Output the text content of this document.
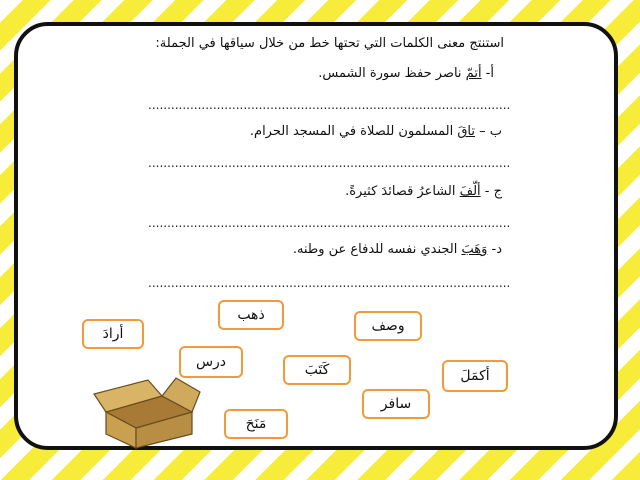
استنتج معنى الكلمات التي تحتها خط من خلال سياقها في الجملة:
أ- أتمّ ناصر حفظ سورة الشمس.
...............................................................................................
ب – تاقَ المسلمون للصلاة في المسجد الحرام.
...............................................................................................
ج - ألّفَ الشاعرُ قصائدَ كثيرةً.
...............................................................................................
د- وَهَبَ الجندي نفسه للدفاع عن وطنه.
...............................................................................................
أرادَ
ذهب
وصف
درس	كَتَبَ	أكمَلَ
سافر
مَنَحَ
